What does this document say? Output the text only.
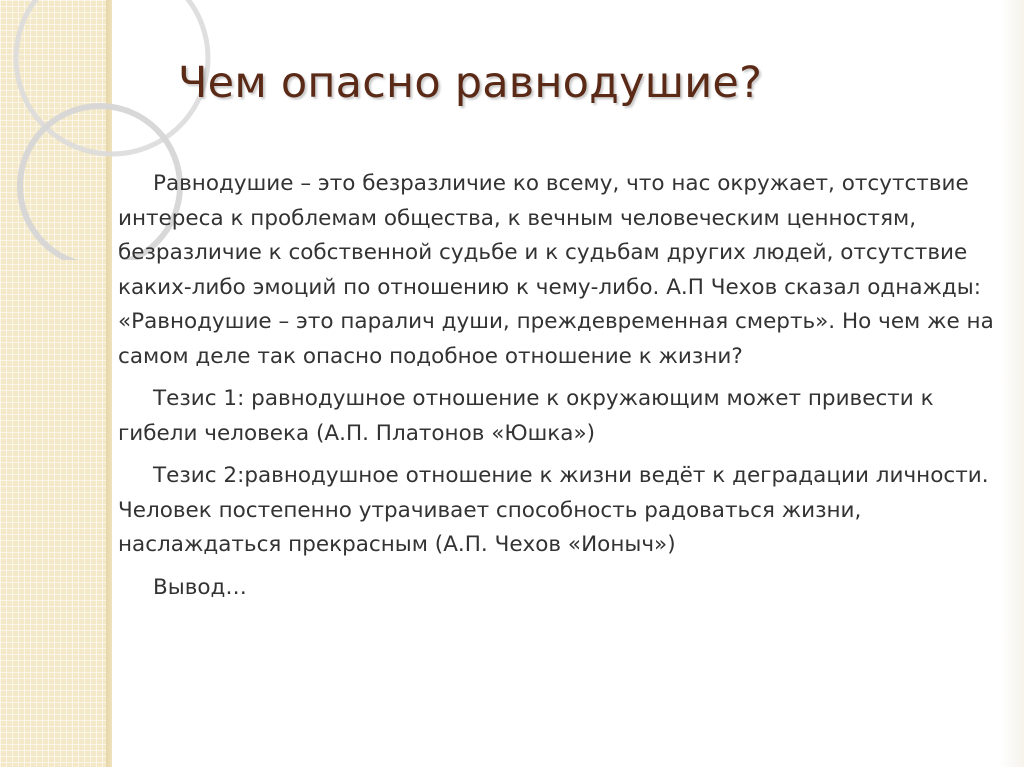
Чем опасно равнодушие?

Равнодушие – это безразличие ко всему, что нас окружает, отсутствие интереса к проблемам общества, к вечным человеческим ценностям, безразличие к собственной судьбе и к судьбам других людей, отсутствие каких-либо эмоций по отношению к чему-либо. А.П Чехов сказал однажды: «Равнодушие – это паралич души, преждевременная смерть». Но чем же на самом деле так опасно подобное отношение к жизни?

Тезис 1: равнодушное отношение к окружающим может привести к гибели человека (А.П. Платонов «Юшка»)

Тезис 2:равнодушное отношение к жизни ведёт к деградации личности. Человек постепенно утрачивает способность радоваться жизни, наслаждаться прекрасным (А.П. Чехов «Ионыч»)

Вывод…
